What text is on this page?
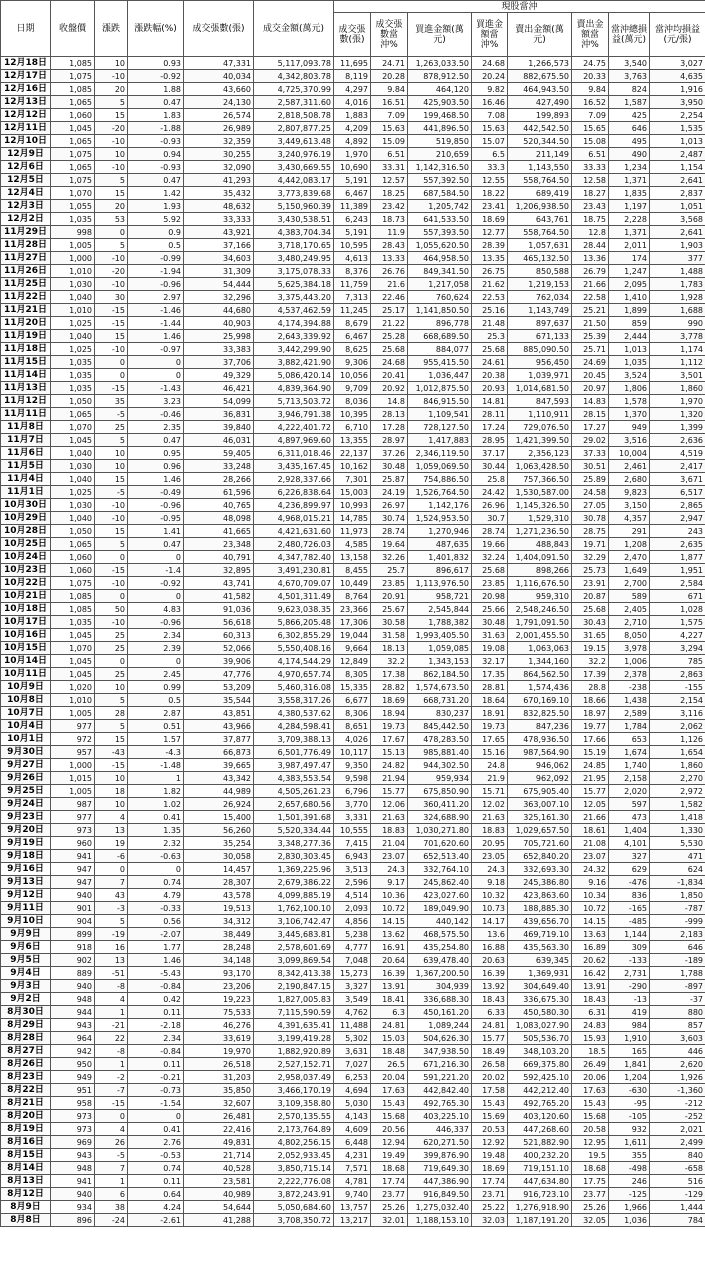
日期	收盤價	漲跌	漲跌幅(%)	成交張數(張)	成交金額(萬元)	現股當沖							
						成交張數(張)	成交張數當沖%	買進金額(萬元)	買進金額當沖%	賣出金額(萬元)	賣出金額當沖%	當沖總損益(萬元)	當沖均損益(元/張)
12月18日	1,085	10	0.93	47,331	5,117,093.78	11,695	24.71	1,263,033.50	24.68	1,266,573	24.75	3,540	3,027
12月17日	1,075	-10	-0.92	40,034	4,342,803.78	8,119	20.28	878,912.50	20.24	882,675.50	20.33	3,763	4,635
12月16日	1,085	20	1.88	43,660	4,725,370.99	4,297	9.84	464,120	9.82	464,943.50	9.84	824	1,916
12月13日	1,065	5	0.47	24,130	2,587,311.60	4,016	16.51	425,903.50	16.46	427,490	16.52	1,587	3,950
12月12日	1,060	15	1.83	26,574	2,818,508.78	1,883	7.09	199,468.50	7.08	199,893	7.09	425	2,254
12月11日	1,045	-20	-1.88	26,989	2,807,877.25	4,209	15.63	441,896.50	15.63	442,542.50	15.65	646	1,535
12月10日	1,065	-10	-0.93	32,359	3,449,613.48	4,892	15.09	519,850	15.07	520,344.50	15.08	495	1,013
12月9日	1,075	10	0.94	30,255	3,240,976.19	1,970	6.51	210,659	6.5	211,149	6.51	490	2,487
12月6日	1,065	-10	-0.93	32,090	3,430,669.55	10,690	33.31	1,142,316.50	33.3	1,143,550	33.33	1,234	1,154
12月5日	1,075	5	0.47	41,293	4,442,083.17	5,191	12.57	557,392.50	12.55	558,764.50	12.58	1,371	2,641
12月4日	1,070	15	1.42	35,432	3,773,839.68	6,467	18.25	687,584.50	18.22	689,419	18.27	1,835	2,837
12月3日	1,055	20	1.93	48,632	5,150,960.39	11,389	23.42	1,205,742	23.41	1,206,938.50	23.43	1,197	1,051
12月2日	1,035	53	5.92	33,333	3,430,538.51	6,243	18.73	641,533.50	18.69	643,761	18.75	2,228	3,568
11月29日	998	0	0.9	43,921	4,383,704.34	5,191	11.9	557,393.50	12.77	558,764.50	12.8	1,371	2,641
11月28日	1,005	5	0.5	37,166	3,718,170.65	10,595	28.43	1,055,620.50	28.39	1,057,631	28.44	2,011	1,903
11月27日	1,000	-10	-0.99	34,603	3,480,249.95	4,613	13.33	464,958.50	13.35	465,132.50	13.36	174	377
11月26日	1,010	-20	-1.94	31,309	3,175,078.33	8,376	26.76	849,341.50	26.75	850,588	26.79	1,247	1,488
11月25日	1,030	-10	-0.96	54,444	5,625,384.18	11,759	21.6	1,217,058	21.62	1,219,153	21.66	2,095	1,783
11月22日	1,040	30	2.97	32,296	3,375,443.20	7,313	22.46	760,624	22.53	762,034	22.58	1,410	1,928
11月21日	1,010	-15	-1.46	44,680	4,537,462.59	11,245	25.17	1,141,850.50	25.16	1,143,749	25.21	1,899	1,688
11月20日	1,025	-15	-1.44	40,903	4,174,394.88	8,679	21.22	896,778	21.48	897,637	21.50	859	990
11月19日	1,040	15	1.46	25,998	2,643,339.92	6,467	25.28	668,689.50	25.3	671,133	25.39	2,444	3,778
11月18日	1,025	-10	-0.97	33,383	3,442,299.90	8,625	25.68	884,077	25.68	885,090.50	25.71	1,013	1,174
11月15日	1,035	0	0	37,706	3,882,421.90	9,306	24.68	955,415.50	24.61	956,450	24.69	1,035	1,112
11月14日	1,035	0	0	49,329	5,086,420.14	10,056	20.41	1,036,447	20.38	1,039,971	20.45	3,524	3,501
11月13日	1,035	-15	-1.43	46,421	4,839,364.90	9,709	20.92	1,012,875.50	20.93	1,014,681.50	20.97	1,806	1,860
11月12日	1,050	35	3.23	54,099	5,713,503.72	8,036	14.8	846,915.50	14.81	847,593	14.83	1,578	1,970
11月11日	1,065	-5	-0.46	36,831	3,946,791.38	10,395	28.13	1,109,541	28.11	1,110,911	28.15	1,370	1,320
11月8日	1,070	25	2.35	39,840	4,222,401.72	6,710	17.28	728,127.50	17.24	729,076.50	17.27	949	1,399
11月7日	1,045	5	0.47	46,031	4,897,969.60	13,355	28.97	1,417,883	28.95	1,421,399.50	29.02	3,516	2,636
11月6日	1,040	10	0.95	59,405	6,311,018.46	22,137	37.26	2,346,119.50	37.17	2,356,123	37.33	10,004	4,519
11月5日	1,030	10	0.96	33,248	3,435,167.45	10,162	30.48	1,059,069.50	30.44	1,063,428.50	30.51	2,461	2,417
11月4日	1,040	15	1.46	28,266	2,928,337.66	7,301	25.87	754,886.50	25.8	757,366.50	25.89	2,680	3,671
11月1日	1,025	-5	-0.49	61,596	6,226,838.64	15,003	24.19	1,526,764.50	24.42	1,530,587.00	24.58	9,823	6,517
10月30日	1,030	-10	-0.96	40,765	4,236,899.97	10,993	26.97	1,142,176	26.96	1,145,326.50	27.05	3,150	2,865
10月29日	1,040	-10	-0.95	48,098	4,968,015.21	14,785	30.74	1,524,953.50	30.7	1,529,310	30.78	4,357	2,947
10月28日	1,050	15	1.41	41,665	4,421,631.60	11,973	28.74	1,270,946	28.74	1,271,236.50	28.75	291	243
10月25日	1,065	5	0.47	23,348	2,480,726.03	4,585	19.64	487,635	19.66	488,843	19.71	1,208	2,635
10月24日	1,060	0	0	40,791	4,347,782.40	13,158	32.26	1,401,832	32.24	1,404,091.50	32.29	2,470	1,877
10月23日	1,060	-15	-1.4	32,895	3,491,230.81	8,455	25.7	896,617	25.68	898,266	25.73	1,649	1,951
10月22日	1,075	-10	-0.92	43,741	4,670,709.07	10,449	23.85	1,113,976.50	23.85	1,116,676.50	23.91	2,700	2,584
10月21日	1,085	0	0	41,582	4,501,311.49	8,764	20.91	958,721	20.98	959,310	20.87	589	671
10月18日	1,085	50	4.83	91,036	9,623,038.35	23,366	25.67	2,545,844	25.66	2,548,246.50	25.68	2,405	1,028
10月17日	1,035	-10	-0.96	56,618	5,866,205.48	17,306	30.58	1,788,382	30.48	1,791,091.50	30.43	2,710	1,575
10月16日	1,045	25	2.34	60,313	6,302,855.29	19,044	31.58	1,993,405.50	31.63	2,001,455.50	31.65	8,050	4,227
10月15日	1,070	25	2.39	52,066	5,550,408.16	9,664	18.13	1,059,085	19.08	1,063,063	19.15	3,978	3,294
10月14日	1,045	0	0	39,906	4,174,544.29	12,849	32.2	1,343,153	32.17	1,344,160	32.2	1,006	785
10月11日	1,045	25	2.45	47,776	4,970,657.74	8,305	17.38	862,184.50	17.35	864,562.50	17.39	2,378	2,863
10月9日	1,020	10	0.99	53,209	5,460,316.08	15,335	28.82	1,574,673.50	28.81	1,574,436	28.8	-238	-155
10月8日	1,010	5	0.5	35,544	3,558,317.26	6,677	18.69	668,731.20	18.64	670,169.10	18.66	1,438	2,154
10月7日	1,005	28	2.87	43,851	4,380,537.62	8,306	18.94	830,237	18.91	832,825.50	18.97	2,589	3,116
10月4日	977	5	0.51	43,966	4,284,598.41	8,651	19.73	845,442.50	19.73	847,236	19.77	1,784	2,062
10月1日	972	15	1.57	37,877	3,709,388.13	4,026	17.67	478,283.50	17.65	478,936.50	17.66	653	1,126
9月30日	957	-43	-4.3	66,873	6,501,776.49	10,117	15.13	985,881.40	15.16	987,564.90	15.19	1,674	1,654
9月27日	1,000	-15	-1.48	39,665	3,987,497.47	9,350	24.82	944,302.50	24.8	946,062	24.85	1,740	1,860
9月26日	1,015	10	1	43,342	4,383,553.54	9,598	21.94	959,934	21.9	962,092	21.95	2,158	2,270
9月25日	1,005	18	1.82	44,989	4,505,261.23	6,796	15.77	675,850.90	15.71	675,905.40	15.77	2,020	2,972
9月24日	987	10	1.02	26,924	2,657,680.56	3,770	12.06	360,411.20	12.02	363,007.10	12.05	597	1,582
9月23日	977	4	0.41	15,400	1,501,391.68	3,331	21.63	324,688.90	21.63	325,161.30	21.66	473	1,418
9月20日	973	13	1.35	56,260	5,520,334.44	10,555	18.83	1,030,271.80	18.83	1,029,657.50	18.61	1,404	1,330
9月19日	960	19	2.32	35,254	3,348,277.36	7,415	21.04	701,620.60	20.95	705,721.60	21.08	4,101	5,530
9月18日	941	-6	-0.63	30,058	2,830,303.45	6,943	23.07	652,513.40	23.05	652,840.20	23.07	327	471
9月16日	947	0	0	14,457	1,369,225.96	3,513	24.3	332,764.10	24.3	332,693.30	24.32	629	624
9月13日	947	7	0.74	28,307	2,679,386.22	2,596	9.17	245,862.40	9.18	245,386.80	9.16	-476	-1,834
9月12日	940	43	4.79	43,578	4,099,885.19	4,514	10.36	423,027.60	10.32	423,863.60	10.34	836	1,850
9月11日	901	-3	-0.33	19,513	1,762,100.10	2,093	10.72	189,049.90	10.73	188,885.30	10.72	-165	-787
9月10日	904	5	0.56	34,312	3,106,742.47	4,856	14.15	440,142	14.17	439,656.70	14.15	-485	-999
9月9日	899	-19	-2.07	38,449	3,445,683.81	5,238	13.62	468,575.50	13.6	469,719.10	13.63	1,144	2,183
9月6日	918	16	1.77	28,248	2,578,601.69	4,777	16.91	435,254.80	16.88	435,563.30	16.89	309	646
9月5日	902	13	1.46	34,148	3,099,869.54	7,048	20.64	639,478.40	20.63	639,345	20.62	-133	-189
9月4日	889	-51	-5.43	93,170	8,342,413.38	15,273	16.39	1,367,200.50	16.39	1,369,931	16.42	2,731	1,788
9月3日	940	-8	-0.84	23,206	2,190,847.15	3,327	13.91	304,939	13.92	304,649.40	13.91	-290	-897
9月2日	948	4	0.42	19,223	1,827,005.83	3,549	18.41	336,688.30	18.43	336,675.30	18.43	-13	-37
8月30日	944	1	0.11	75,533	7,115,590.59	4,762	6.3	450,161.20	6.33	450,580.30	6.31	419	880
8月29日	943	-21	-2.18	46,276	4,391,635.41	11,488	24.81	1,089,244	24.81	1,083,027.90	24.83	984	857
8月28日	964	22	2.34	33,619	3,199,419.28	5,302	15.03	504,626.30	15.77	505,536.70	15.93	1,910	3,603
8月27日	942	-8	-0.84	19,970	1,882,920.89	3,631	18.48	347,938.50	18.49	348,103.20	18.5	165	446
8月26日	950	1	0.11	26,518	2,527,152.71	7,027	26.5	671,216.30	26.58	669,375.80	26.49	1,841	2,620
8月23日	949	-2	-0.21	31,203	2,958,037.49	6,253	20.04	591,221.20	20.02	592,425.10	20.06	1,204	1,926
8月22日	951	-7	-0.73	35,850	3,466,170.19	4,694	17.63	442,842.40	17.58	442,212.40	17.63	-630	-1,360
8月21日	958	-15	-1.54	32,607	3,109,358.80	5,030	15.43	492,765.30	15.43	492,765.20	15.43	-95	-212
8月20日	973	0	0	26,481	2,570,135.55	4,143	15.68	403,225.10	15.69	403,120.60	15.68	-105	-252
8月19日	973	4	0.41	22,416	2,173,764.89	4,609	20.56	446,337	20.53	447,268.60	20.58	932	2,021
8月16日	969	26	2.76	49,831	4,802,256.15	6,448	12.94	620,271.50	12.92	521,882.90	12.95	1,611	2,499
8月15日	943	-5	-0.53	21,714	2,052,933.45	4,231	19.49	399,876.90	19.48	400,232.20	19.5	355	840
8月14日	948	7	0.74	40,528	3,850,715.14	7,571	18.68	719,649.30	18.69	719,151.10	18.68	-498	-658
8月13日	941	1	0.11	23,581	2,222,776.08	4,781	17.74	447,386.90	17.74	447,634.80	17.75	246	516
8月12日	940	6	0.64	40,989	3,872,243.91	9,740	23.77	916,849.50	23.71	916,723.10	23.77	-125	-129
8月9日	934	38	4.24	54,644	5,050,684.60	13,757	25.26	1,275,032.40	25.22	1,276,918.90	25.26	1,966	1,444
8月8日	896	-24	-2.61	41,288	3,708,350.72	13,217	32.01	1,188,153.10	32.03	1,187,191.20	32.05	1,036	784
